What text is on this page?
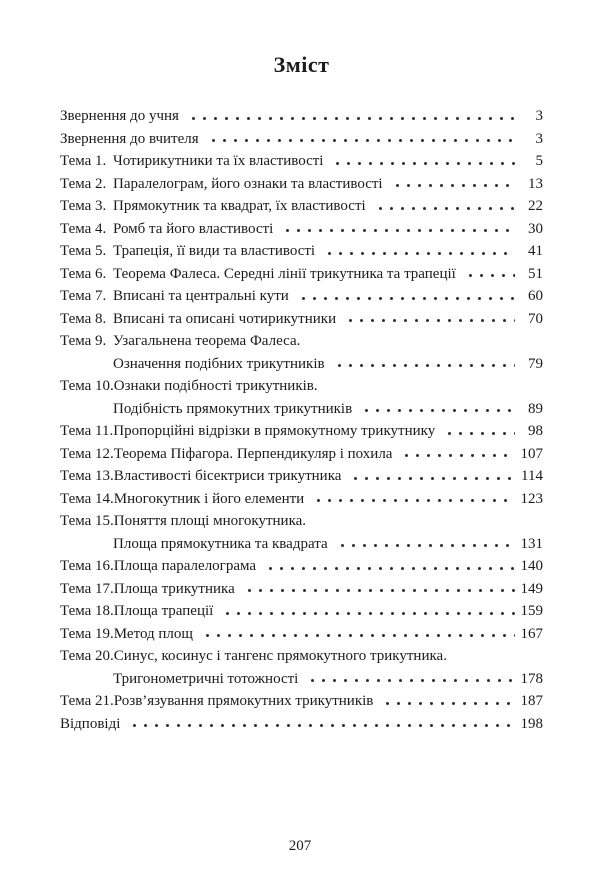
Зміст
Звернення до учня	3
Звернення до вчителя	3
Тема 1. Чотирикутники та їх властивості	5
Тема 2. Паралелограм, його ознаки та властивості	13
Тема 3. Прямокутник та квадрат, їх властивості	22
Тема 4. Ромб та його властивості	30
Тема 5. Трапеція, її види та властивості	41
Тема 6. Теорема Фалеса. Середні лінії трикутника та трапеції	51
Тема 7. Вписані та центральні кути	60
Тема 8. Вписані та описані чотирикутники	70
Тема 9. Узагальнена теорема Фалеса.
Означення подібних трикутників	79
Тема 10. Ознаки подібності трикутників.
Подібність прямокутних трикутників	89
Тема 11. Пропорційні відрізки в прямокутному трикутнику	98
Тема 12. Теорема Піфагора. Перпендикуляр і похила	107
Тема 13. Властивості бісектриси трикутника	114
Тема 14. Многокутник і його елементи	123
Тема 15. Поняття площі многокутника.
Площа прямокутника та квадрата	131
Тема 16. Площа паралелограма	140
Тема 17. Площа трикутника	149
Тема 18. Площа трапеції	159
Тема 19. Метод площ	167
Тема 20. Синус, косинус і тангенс прямокутного трикутника.
Тригонометричні тотожності	178
Тема 21. Розв’язування прямокутних трикутників	187
Відповіді	198
207
